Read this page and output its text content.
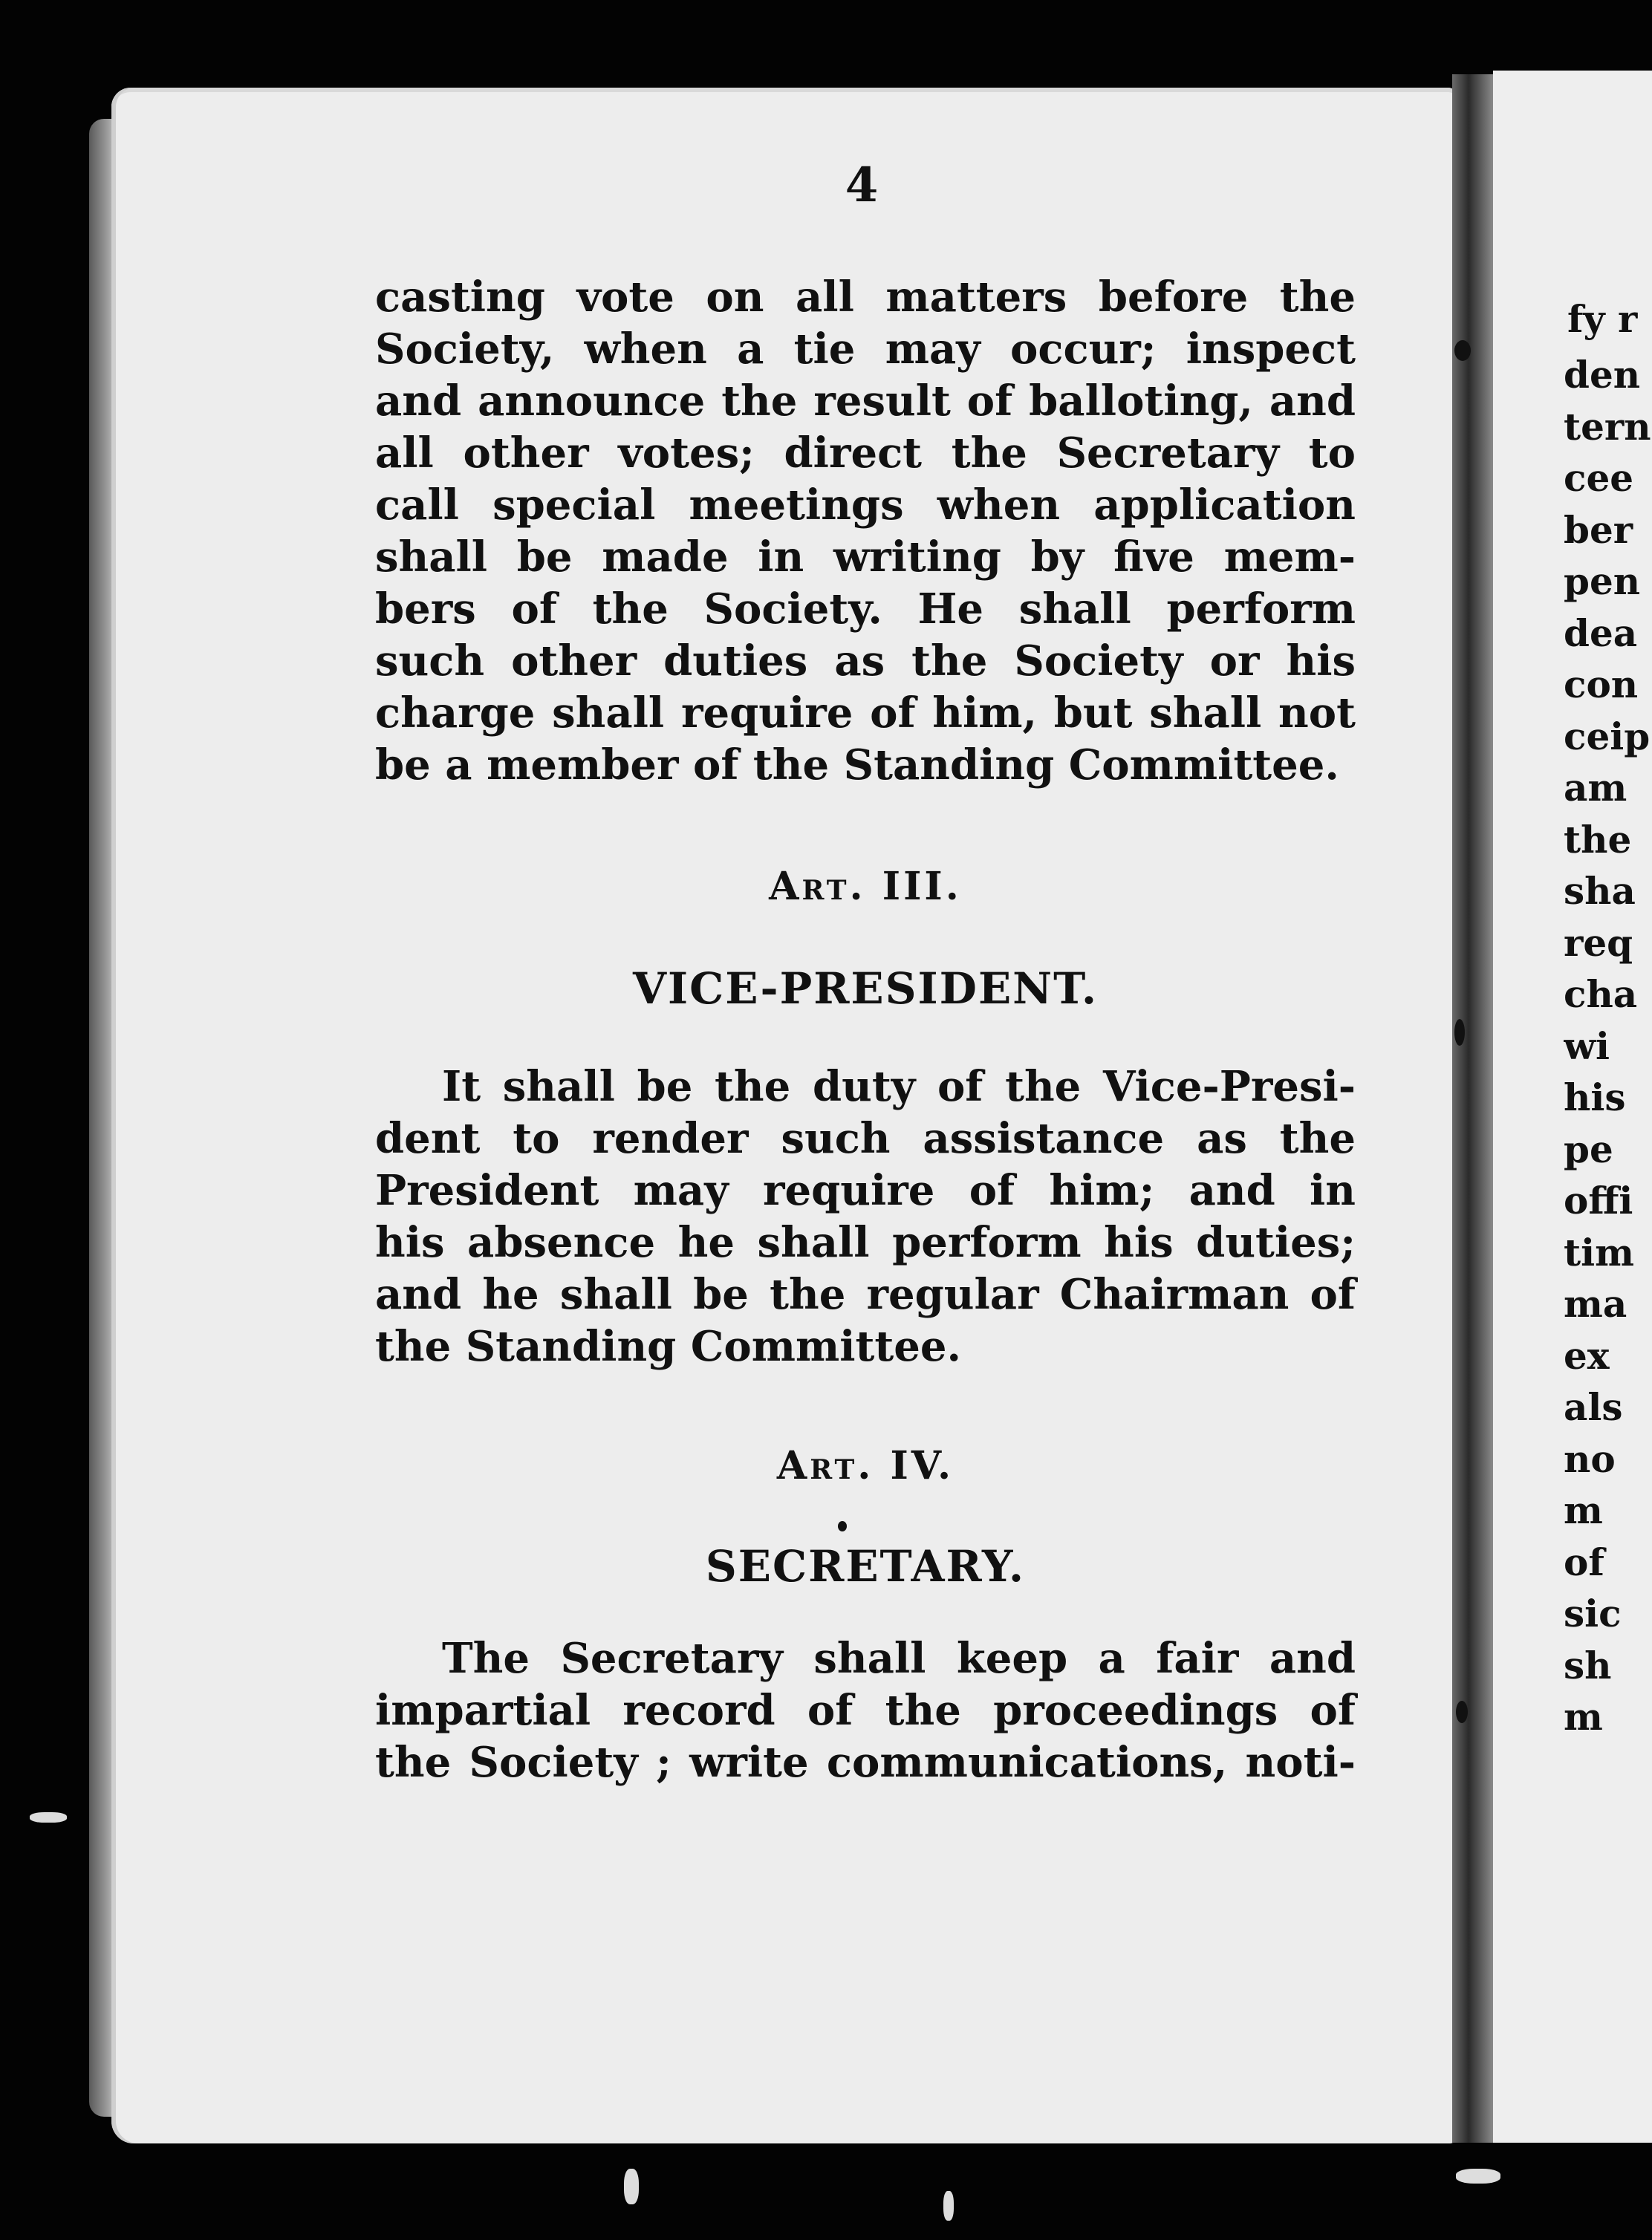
4
casting vote on all matters before the
Society, when a tie may occur; inspect
and announce the result of balloting, and
all other votes; direct the Secretary to
call special meetings when application
shall be made in writing by five mem-
bers of the Society. He shall perform
such other duties as the Society or his
charge shall require of him, but shall not
be a member of the Standing Committee.
Art. III.
VICE-PRESIDENT.
It shall be the duty of the Vice-Presi-
dent to render such assistance as the
President may require of him; and in
his absence he shall perform his duties;
and he shall be the regular Chairman of
the Standing Committee.
Art. IV.
SECRETARY.
The Secretary shall keep a fair and
impartial record of the proceedings of
the Society ; write communications, noti-
fy r
den
tern
cee
ber
pen
dea
con
ceip
am
the
sha
req
cha
wi
his
pe
offi
tim
ma
ex
als
no
m
of
sic
sh
m
